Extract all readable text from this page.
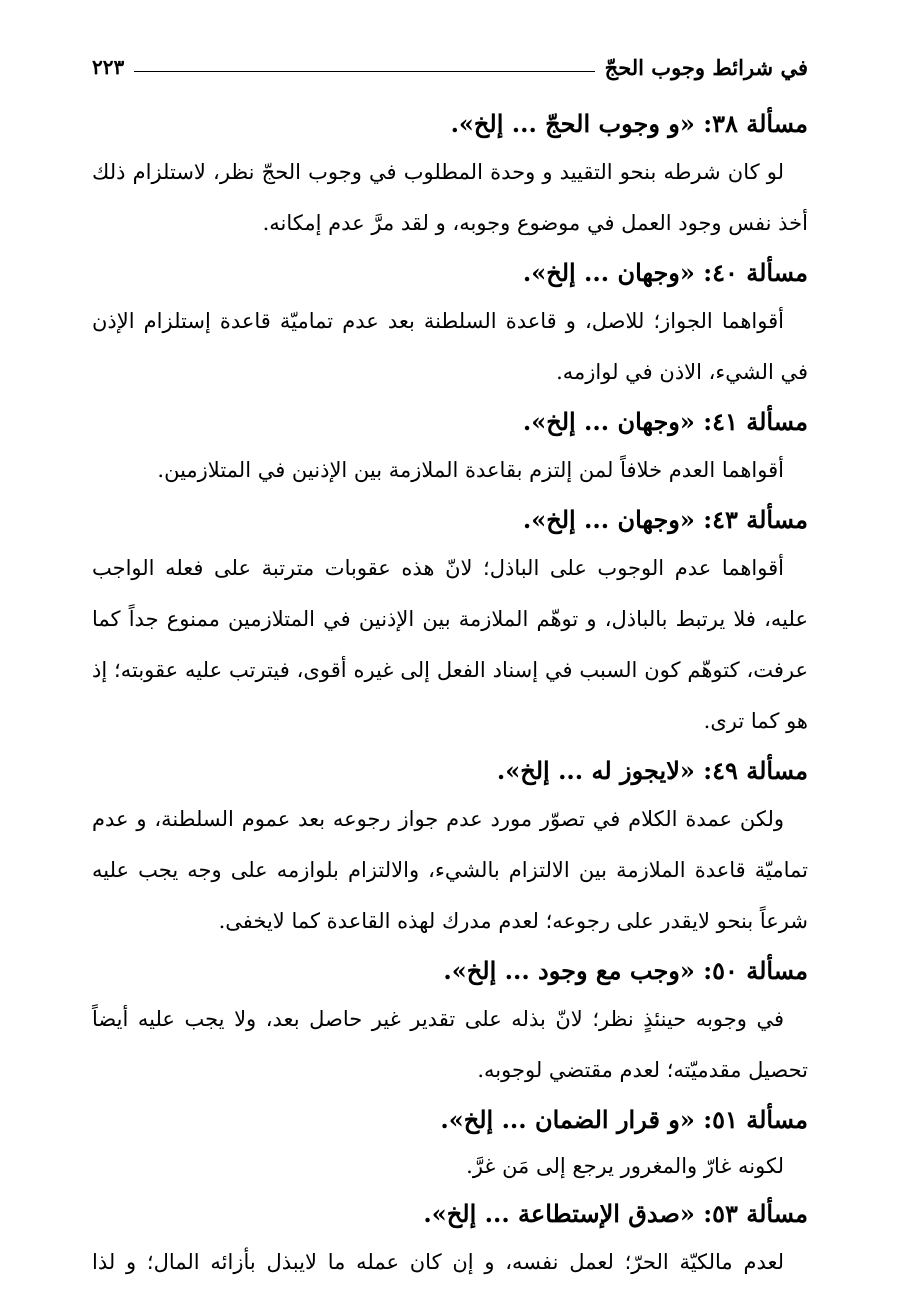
في شرائط وجوب الحجّ
٢٢٣
مسألة ٣٨: «و وجوب الحجّ ... إلخ».
لو كان شرطه بنحو التقييد و وحدة المطلوب في وجوب الحجّ نظر، لاستلزام ذلك أخذ نفس وجود العمل في موضوع وجوبه، و لقد مرَّ عدم إمكانه.
مسألة ٤٠: «وجهان ... إلخ».
أقواهما الجواز؛ للاصل، و قاعدة السلطنة بعد عدم تماميّة قاعدة إستلزام الإذن في الشيء، الاذن في لوازمه.
مسألة ٤١: «وجهان ... إلخ».
أقواهما العدم خلافاً لمن إلتزم بقاعدة الملازمة بين الإذنين في المتلازمين.
مسألة ٤٣: «وجهان ... إلخ».
أقواهما عدم الوجوب على الباذل؛ لانّ هذه عقوبات مترتبة على فعله الواجب عليه، فلا يرتبط بالباذل، و توهّم الملازمة بين الإذنين في المتلازمين ممنوع جداً كما عرفت، كتوهّم كون السبب في إسناد الفعل إلى غيره أقوى، فيترتب عليه عقوبته؛ إذ هو كما ترى.
مسألة ٤٩: «لايجوز له ... إلخ».
ولكن عمدة الكلام في تصوّر مورد عدم جواز رجوعه بعد عموم السلطنة، و عدم تماميّة قاعدة الملازمة بين الالتزام بالشيء، والالتزام بلوازمه على وجه يجب عليه شرعاً بنحو لايقدر على رجوعه؛ لعدم مدرك لهذه القاعدة كما لايخفى.
مسألة ٥٠: «وجب مع وجود ... إلخ».
في وجوبه حينئذٍ نظر؛ لانّ بذله على تقدير غير حاصل بعد، ولا يجب عليه أيضاً تحصيل مقدميّته؛ لعدم مقتضي لوجوبه.
مسألة ٥١: «و قرار الضمان ... إلخ».
لكونه غارّ والمغرور يرجع إلى مَن غرَّ.
مسألة ٥٣: «صدق الإستطاعة ... إلخ».
لعدم مالكيّة الحرّ؛ لعمل نفسه، و إن كان عمله ما لايبذل بأزائه المال؛ و لذا
